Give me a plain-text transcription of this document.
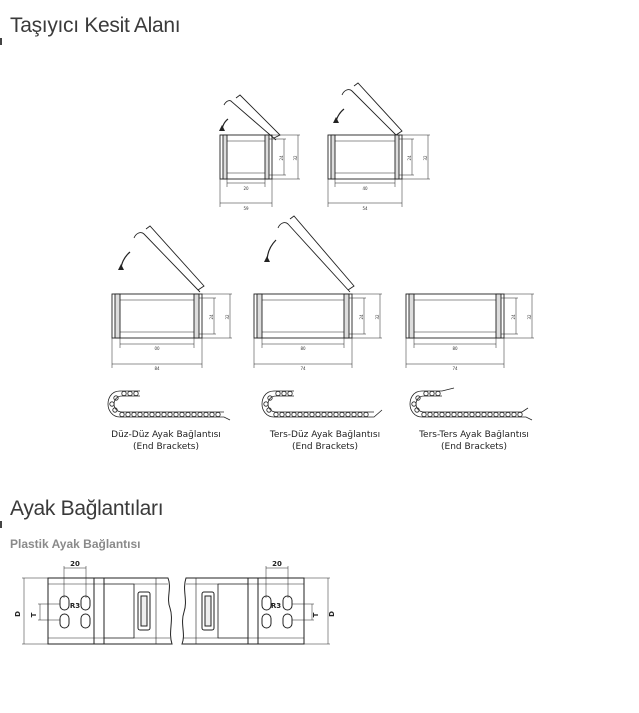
Taşıyıcı Kesit Alanı
20
59
24 32
40
54
24	32
00
84
24	32
80
74
24	32
80
74
24	32
Düz-Düz Ayak Bağlantısı
(End Brackets)
Ters-Düz Ayak Bağlantısı
(End Brackets)
Ters-Ters Ayak Bağlantısı
(End Brackets)
Ayak Bağlantıları
Plastik Ayak Bağlantısı
20	20
R3	R3
D	D
T	T
